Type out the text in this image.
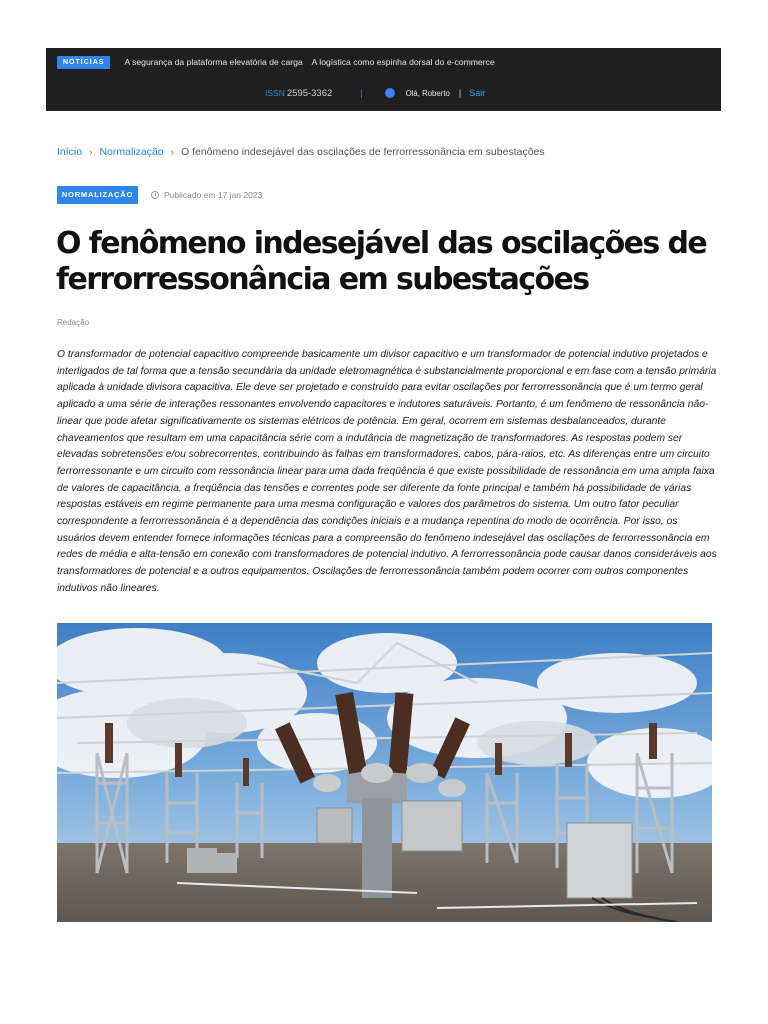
NOTÍCIAS	A segurança da plataforma elevatória de carga A logística como espinha dorsal do e-commerce
ISSN 2595-3362	|	Olá, Roberto | Sair
Início › Normalização › O fenômeno indesejável das oscilações de ferrorressonância em subestações
NORMALIZAÇÃO	Publicado em 17 jan 2023
O fenômeno indesejável das oscilações de ferrorressonância em subestações
Redação

O transformador de potencial capacitivo compreende basicamente um divisor capacitivo e um transformador de potencial indutivo projetados e interligados de tal forma que a tensão secundária da unidade eletromagnética é substancialmente proporcional e em fase com a tensão primária aplicada à unidade divisora capacitiva. Ele deve ser projetado e construído para evitar oscilações por ferrorressonância que é um termo geral aplicado a uma série de interações ressonantes envolvendo capacitores e indutores saturáveis. Portanto, é um fenômeno de ressonância não-linear que pode afetar significativamente os sistemas elétricos de potência. Em geral, ocorrem em sistemas desbalanceados, durante chaveamentos que resultam em uma capacitância série com a indutância de magnetização de transformadores. As respostas podem ser elevadas sobretensões e/ou sobrecorrentes, contribuindo às falhas em transformadores, cabos, pára-raios, etc. As diferenças entre um circuito ferrorressonante e um circuito com ressonância linear para uma dada freqüência é que existe possibilidade de ressonância em uma ampla faixa de valores de capacitância, a freqüência das tensões e correntes pode ser diferente da fonte principal e também há possibilidade de várias respostas estáveis em regime permanente para uma mesma configuração e valores dos parâmetros do sistema. Um outro fator peculiar correspondente a ferrorressonância é a dependência das condições iniciais e a mudança repentina do modo de ocorrência. Por isso, os usuários devem entender fornece informações técnicas para a compreensão do fenômeno indesejável das oscilações de ferrorressonância em redes de média e alta-tensão em conexão com transformadores de potencial indutivo. A ferrorressonância pode causar danos consideráveis aos transformadores de potencial e a outros equipamentos. Oscilações de ferrorressonância também podem ocorrer com outros componentes indutivos não lineares.
